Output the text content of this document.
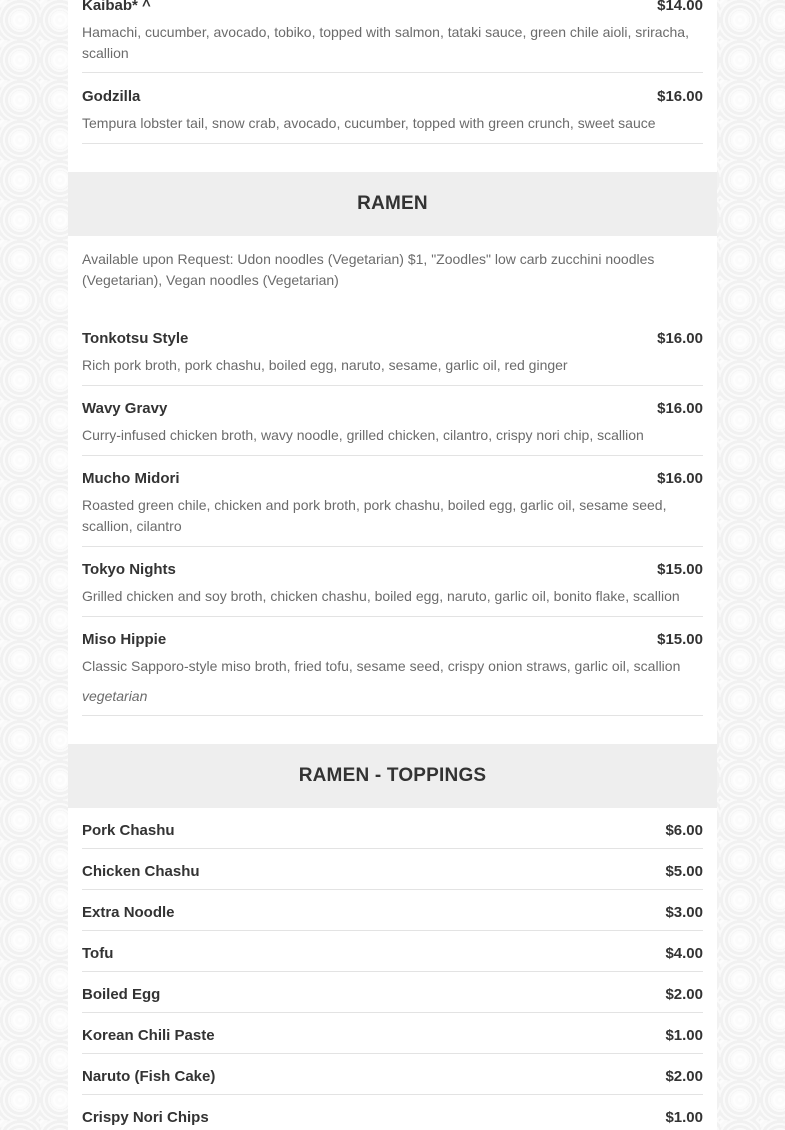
Kaibab* ^	$14.00
Hamachi, cucumber, avocado, tobiko, topped with salmon, tataki sauce, green chile aioli, sriracha, scallion
Godzilla	$16.00
Tempura lobster tail, snow crab, avocado, cucumber, topped with green crunch, sweet sauce
RAMEN
Available upon Request: Udon noodles (Vegetarian) $1, "Zoodles" low carb zucchini noodles (Vegetarian), Vegan noodles (Vegetarian)
Tonkotsu Style	$16.00
Rich pork broth, pork chashu, boiled egg, naruto, sesame, garlic oil, red ginger
Wavy Gravy	$16.00
Curry-infused chicken broth, wavy noodle, grilled chicken, cilantro, crispy nori chip, scallion
Mucho Midori	$16.00
Roasted green chile, chicken and pork broth, pork chashu, boiled egg, garlic oil, sesame seed, scallion, cilantro
Tokyo Nights	$15.00
Grilled chicken and soy broth, chicken chashu, boiled egg, naruto, garlic oil, bonito flake, scallion
Miso Hippie	$15.00
Classic Sapporo-style miso broth, fried tofu, sesame seed, crispy onion straws, garlic oil, scallion
vegetarian
RAMEN - TOPPINGS
Pork Chashu	$6.00
Chicken Chashu	$5.00
Extra Noodle	$3.00
Tofu	$4.00
Boiled Egg	$2.00
Korean Chili Paste	$1.00
Naruto (Fish Cake)	$2.00
Crispy Nori Chips	$1.00
